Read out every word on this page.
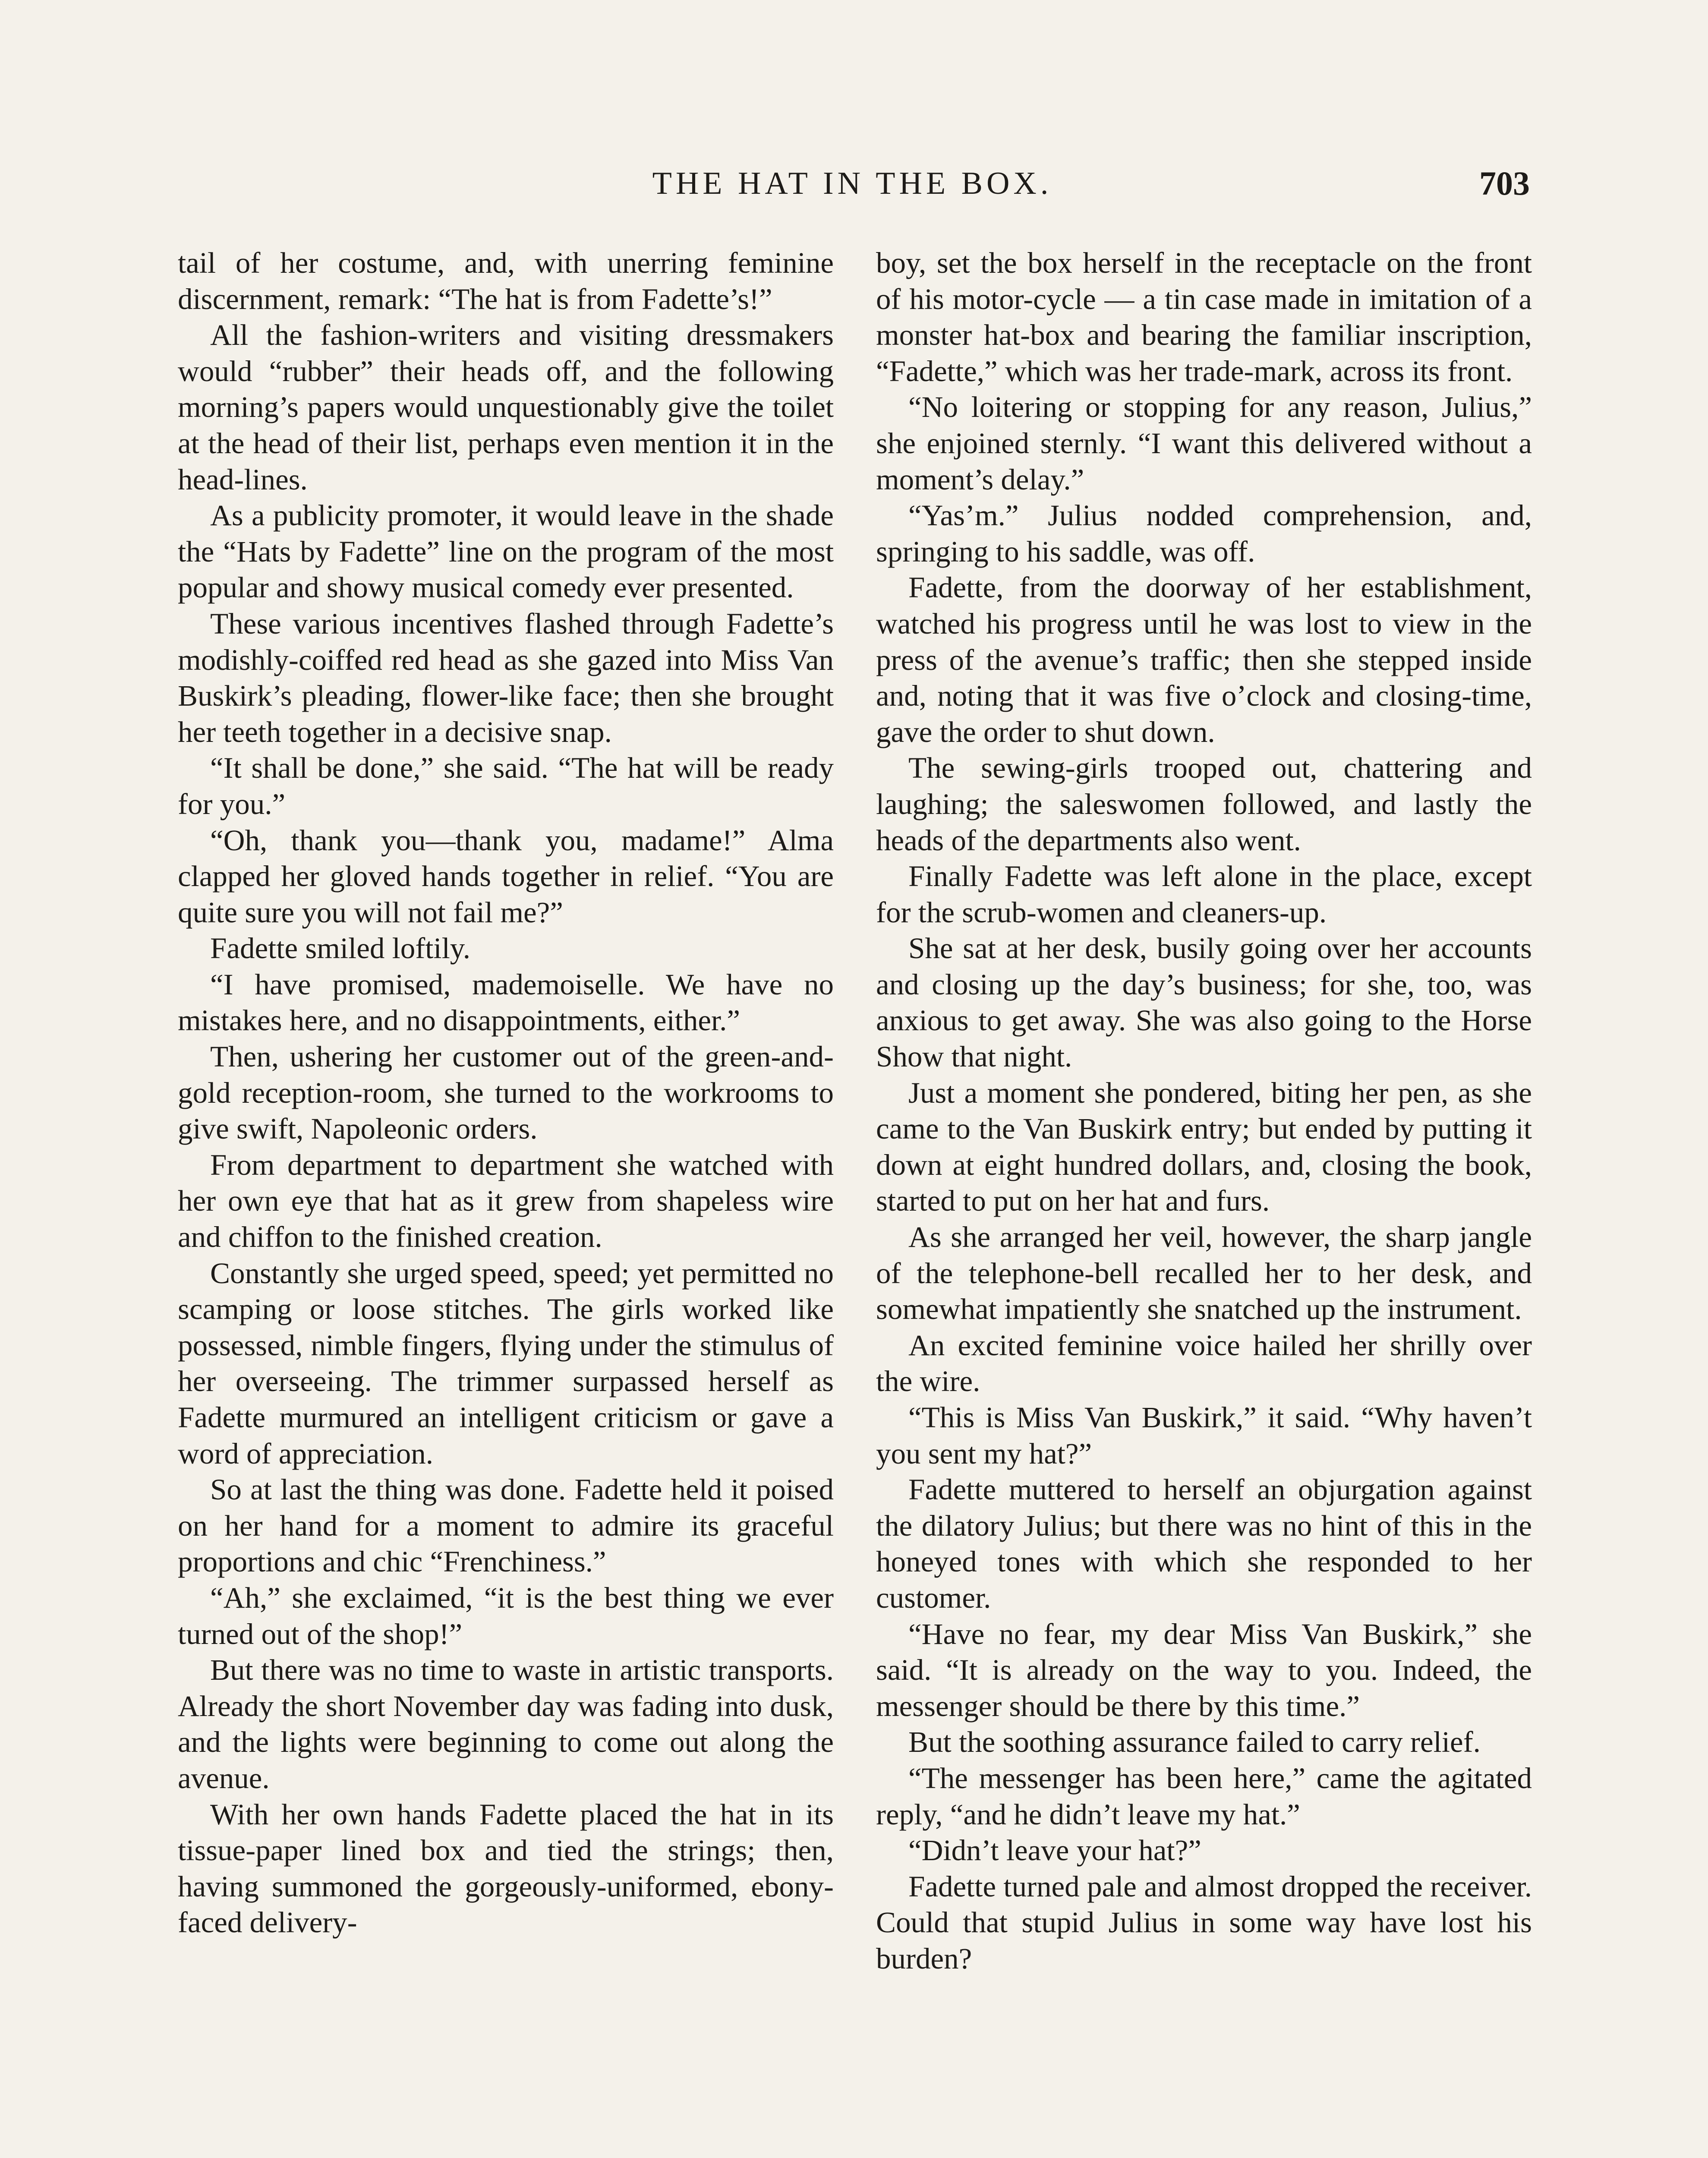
THE HAT IN THE BOX.	703

tail of her costume, and, with unerring feminine discernment, remark: “The hat is from Fadette’s!”

All the fashion-writers and visiting dressmakers would “rubber” their heads off, and the following morning’s papers would unquestionably give the toilet at the head of their list, perhaps even mention it in the head-lines.

As a publicity promoter, it would leave in the shade the “Hats by Fadette” line on the program of the most popular and showy musical comedy ever presented.

These various incentives flashed through Fadette’s modishly-coiffed red head as she gazed into Miss Van Buskirk’s pleading, flower-like face; then she brought her teeth together in a decisive snap.

“It shall be done,” she said. “The hat will be ready for you.”

“Oh, thank you—thank you, madame!” Alma clapped her gloved hands together in relief. “You are quite sure you will not fail me?”

Fadette smiled loftily.

“I have promised, mademoiselle. We have no mistakes here, and no disappointments, either.”

Then, ushering her customer out of the green-and-gold reception-room, she turned to the workrooms to give swift, Napoleonic orders.

From department to department she watched with her own eye that hat as it grew from shapeless wire and chiffon to the finished creation.

Constantly she urged speed, speed; yet permitted no scamping or loose stitches. The girls worked like possessed, nimble fingers, flying under the stimulus of her overseeing. The trimmer surpassed herself as Fadette murmured an intelligent criticism or gave a word of appreciation.

So at last the thing was done. Fadette held it poised on her hand for a moment to admire its graceful proportions and chic “Frenchiness.”

“Ah,” she exclaimed, “it is the best thing we ever turned out of the shop!”

But there was no time to waste in artistic transports. Already the short November day was fading into dusk, and the lights were beginning to come out along the avenue.

With her own hands Fadette placed the hat in its tissue-paper lined box and tied the strings; then, having summoned the gorgeously-uniformed, ebony-faced delivery-

boy, set the box herself in the receptacle on the front of his motor-cycle — a tin case made in imitation of a monster hat-box and bearing the familiar inscription, “Fadette,” which was her trade-mark, across its front.

“No loitering or stopping for any reason, Julius,” she enjoined sternly. “I want this delivered without a moment’s delay.”

“Yas’m.” Julius nodded comprehension, and, springing to his saddle, was off.

Fadette, from the doorway of her establishment, watched his progress until he was lost to view in the press of the avenue’s traffic; then she stepped inside and, noting that it was five o’clock and closing-time, gave the order to shut down.

The sewing-girls trooped out, chattering and laughing; the saleswomen followed, and lastly the heads of the departments also went.

Finally Fadette was left alone in the place, except for the scrub-women and cleaners-up.

She sat at her desk, busily going over her accounts and closing up the day’s business; for she, too, was anxious to get away. She was also going to the Horse Show that night.

Just a moment she pondered, biting her pen, as she came to the Van Buskirk entry; but ended by putting it down at eight hundred dollars, and, closing the book, started to put on her hat and furs.

As she arranged her veil, however, the sharp jangle of the telephone-bell recalled her to her desk, and somewhat impatiently she snatched up the instrument.

An excited feminine voice hailed her shrilly over the wire.

“This is Miss Van Buskirk,” it said. “Why haven’t you sent my hat?”

Fadette muttered to herself an objurgation against the dilatory Julius; but there was no hint of this in the honeyed tones with which she responded to her customer.

“Have no fear, my dear Miss Van Buskirk,” she said. “It is already on the way to you. Indeed, the messenger should be there by this time.”

But the soothing assurance failed to carry relief.

“The messenger has been here,” came the agitated reply, “and he didn’t leave my hat.”

“Didn’t leave your hat?”

Fadette turned pale and almost dropped the receiver. Could that stupid Julius in some way have lost his burden?
